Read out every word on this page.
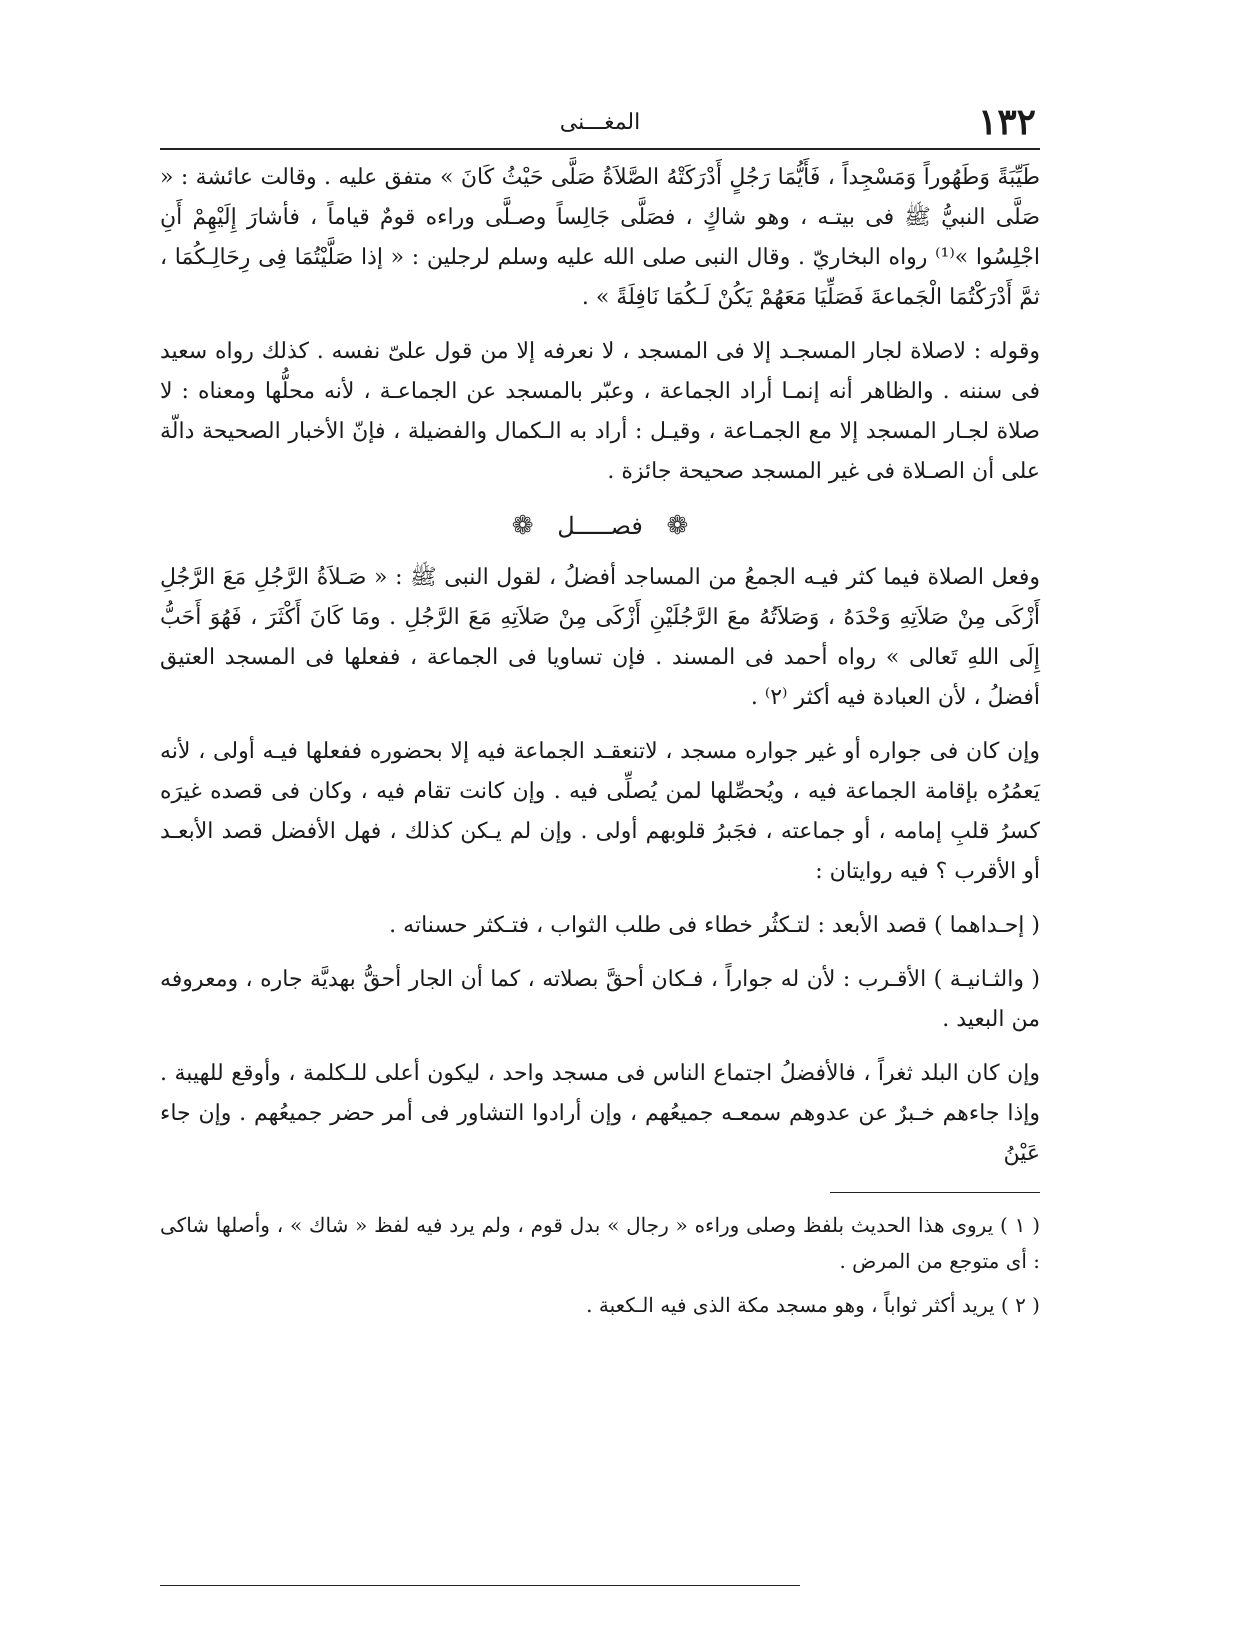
١٣٢
المغـــنى

طَيِّبَةً وَطَهُوراً وَمَسْجِداً ، فَأَيُّمَا رَجُلٍ أَدْرَكَتْهُ الصَّلاَةُ صَلَّى حَيْثُ كَانَ » متفق عليه . وقالت عائشة : « صَلَّى النبيُّ ﷺ فى بيتـه ، وهو شاكٍ ، فصَلَّى جَالِساً وصـلَّى وراءه قومٌ قياماً ، فأشارَ إِلَيْهِمْ أَنِ اجْلِسُوا »⁽¹⁾ رواه البخاريّ . وقال النبى صلى الله عليه وسلم لرجلين : « إذا صَلَّيْتُمَا فِى رِحَالِـكُمَا ، ثمَّ أَدْرَكْتُمَا الْجَماعةَ فَصَلِّيَا مَعَهُمْ يَكُنْ لَـكُمَا نَافِلَةً » .

وقوله : لاصلاة لجار المسجـد إلا فى المسجد ، لا نعرفه إلا من قول علىّ نفسه . كذلك رواه سعيد فى سننه . والظاهر أنه إنمـا أراد الجماعة ، وعبّر بالمسجد عن الجماعـة ، لأنه محلُّها ومعناه : لا صلاة لجـار المسجد إلا مع الجمـاعة ، وقيـل : أراد به الـكمال والفضيلة ، فإنّ الأخبار الصحيحة دالّة على أن الصـلاة فى غير المسجد صحيحة جائزة .

❁ فصـــــل ❁

وفعل الصلاة فيما كثر فيـه الجمعُ من المساجد أفضلُ ، لقول النبى ﷺ : « صَـلاَةُ الرَّجُلِ مَعَ الرَّجُلِ أَزْكَى مِنْ صَلاَتِهِ وَحْدَهُ ، وَصَلاَتُهُ معَ الرَّجُلَيْنِ أَزْكَى مِنْ صَلاَتِهِ مَعَ الرَّجُلِ . ومَا كَانَ أَكْثَرَ ، فَهُوَ أَحَبُّ إِلَى اللهِ تَعالى » رواه أحمد فى المسند . فإن تساويا فى الجماعة ، ففعلها فى المسجد العتيق أفضلُ ، لأن العبادة فيه أكثر ⁽٢⁾ .

وإن كان فى جواره أو غير جواره مسجد ، لاتنعقـد الجماعة فيه إلا بحضوره ففعلها فيـه أولى ، لأنه يَعمُرُه بإقامة الجماعة فيه ، ويُحصِّلها لمن يُصلِّى فيه . وإن كانت تقام فيه ، وكان فى قصده غيرَه كسرُ قلبِ إمامه ، أو جماعته ، فجَبرُ قلوبهم أولى . وإن لم يـكن كذلك ، فهل الأفضل قصد الأبعـد أو الأقرب ؟ فيه روايتان :

( إحـداهما ) قصد الأبعد : لتـكثُر خطاء فى طلب الثواب ، فتـكثر حسناته .

( والثـانيـة ) الأقـرب : لأن له جواراً ، فـكان أحقَّ بصلاته ، كما أن الجار أحقُّ بهديَّة جاره ، ومعروفه من البعيد .

وإن كان البلد ثغراً ، فالأفضلُ اجتماع الناس فى مسجد واحد ، ليكون أعلى للـكلمة ، وأوقع للهيبة . وإذا جاءهم خـبرٌ عن عدوهم سمعـه جميعُهم ، وإن أرادوا التشاور فى أمر حضر جميعُهم . وإن جاء عَيْنُ

( ١ ) يروى هذا الحديث بلفظ وصلى وراءه « رجال » بدل قوم ، ولم يرد فيه لفظ « شاك » ، وأصلها شاكى : أى متوجع من المرض .

( ٢ ) يريد أكثر ثواباً ، وهو مسجد مكة الذى فيه الـكعبة .
